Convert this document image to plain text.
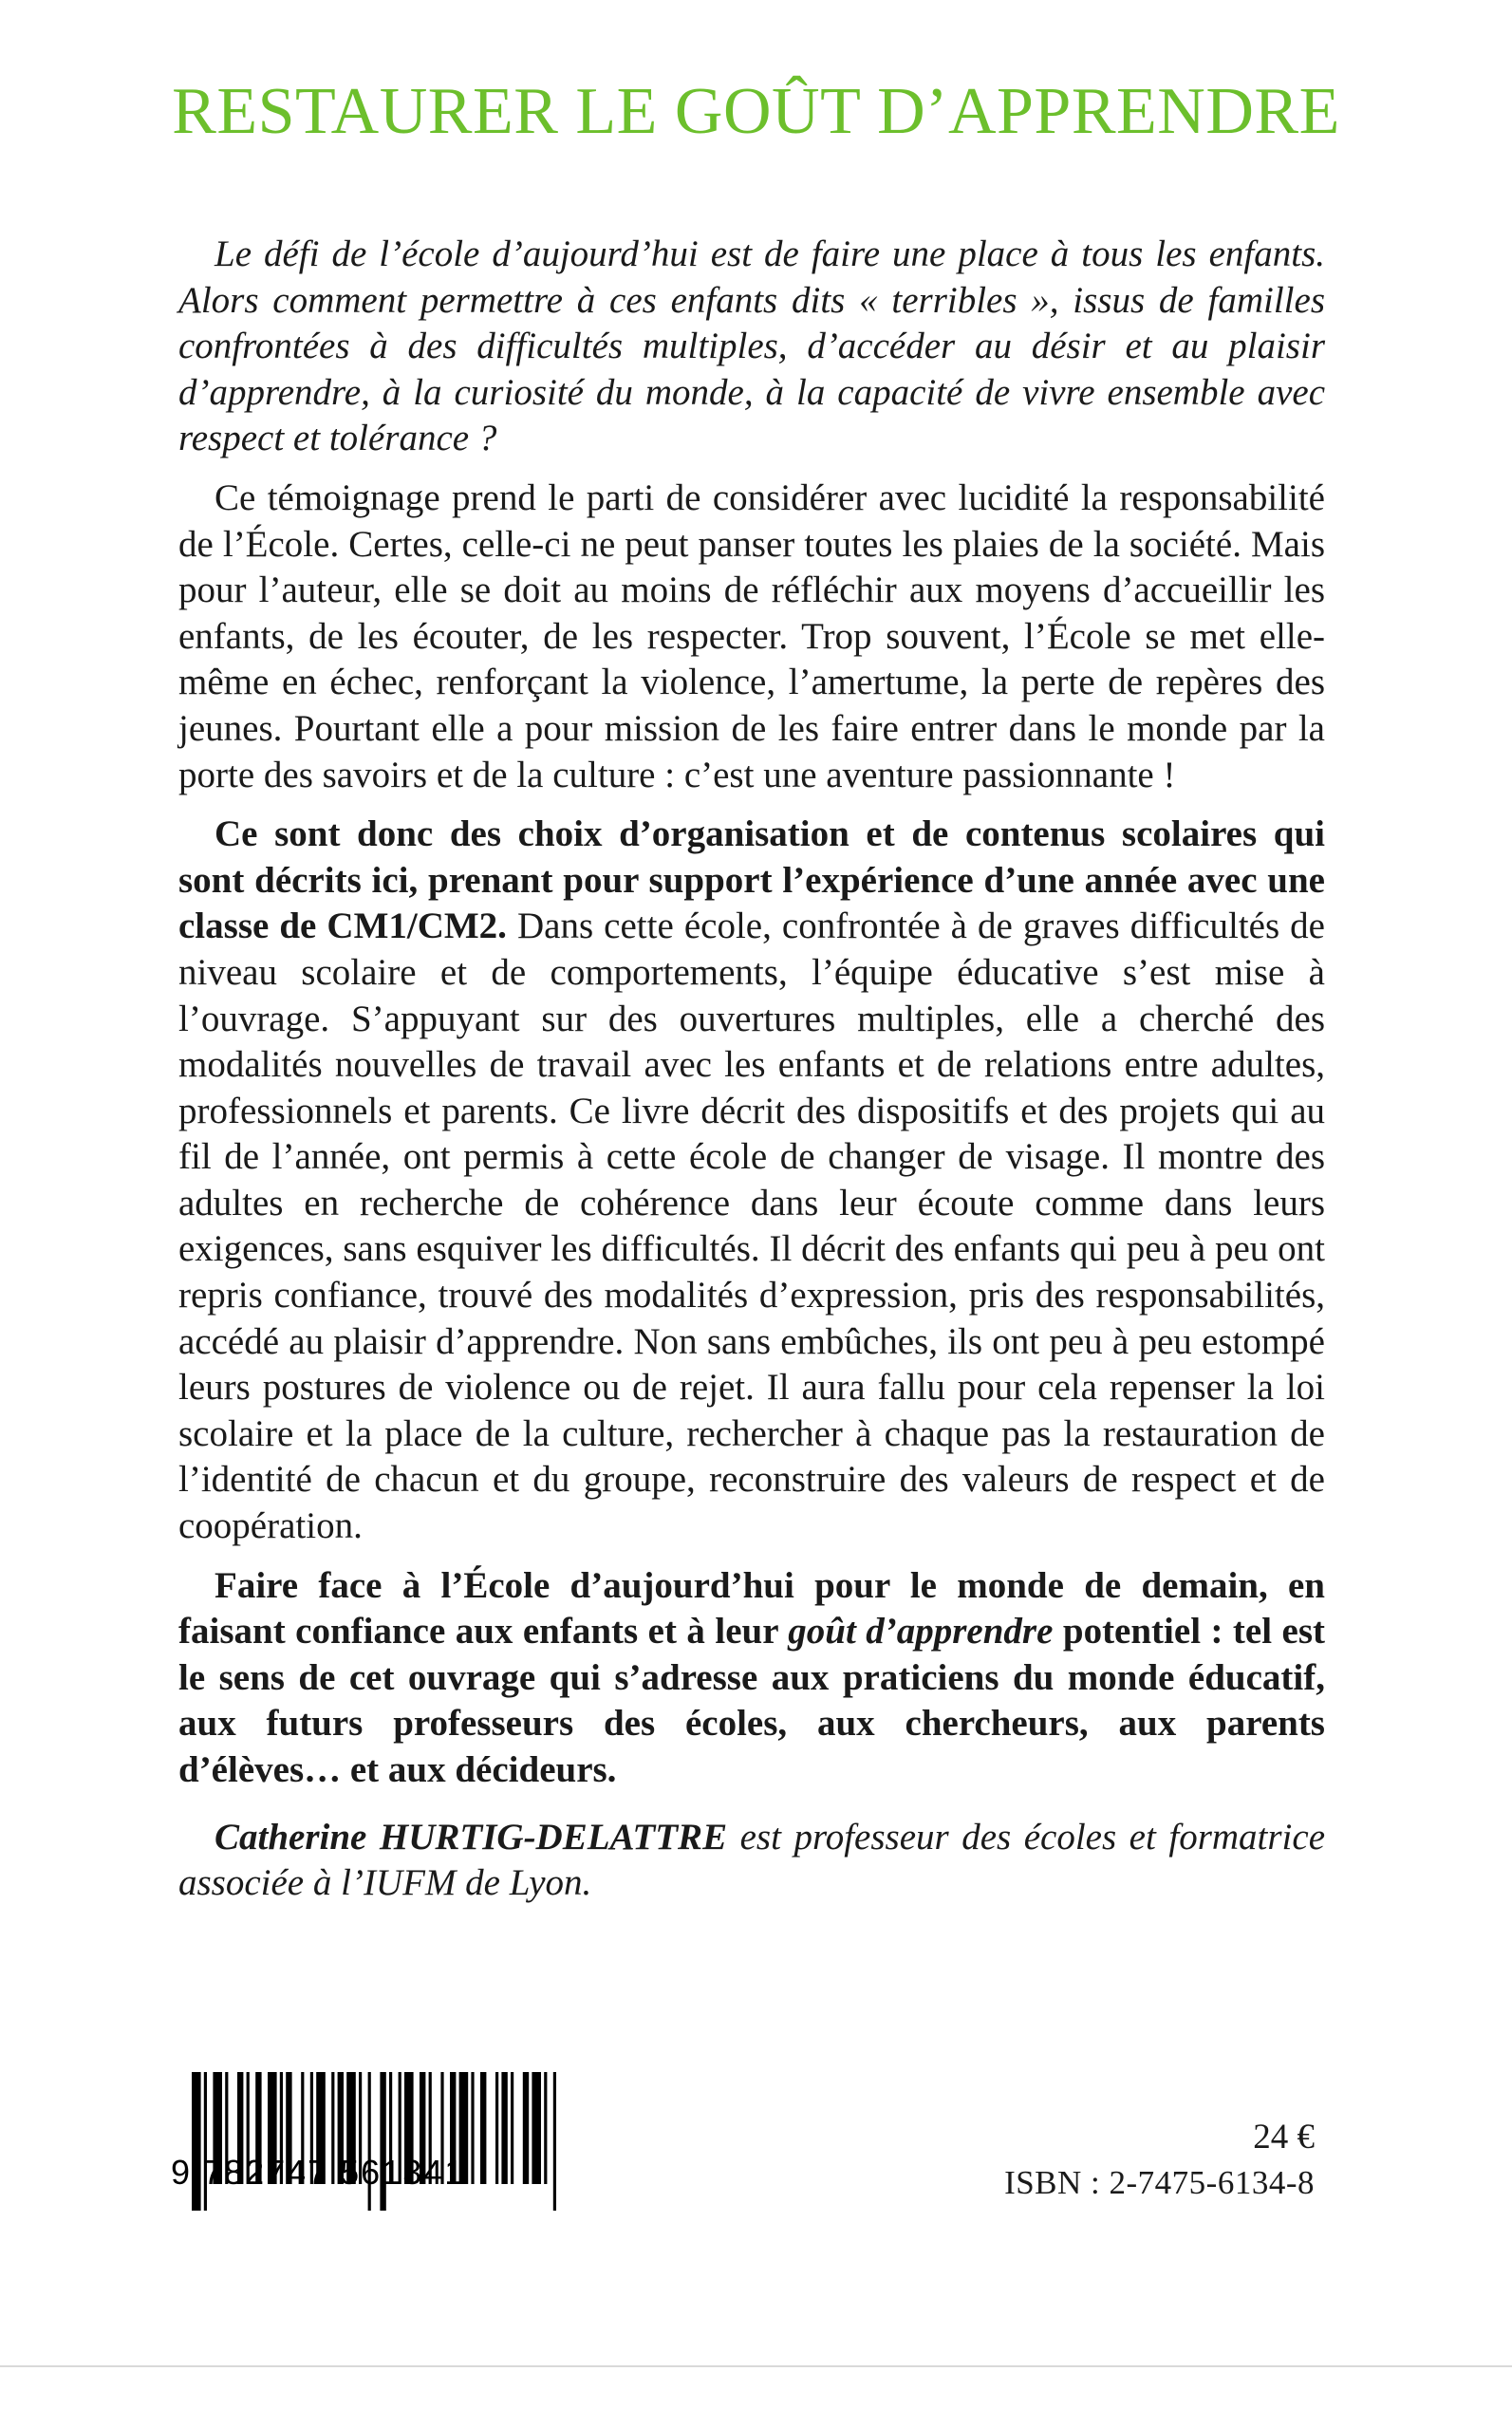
RESTAURER LE GOÛT D’APPRENDRE

Le défi de l’école d’aujourd’hui est de faire une place à tous les enfants. Alors comment permettre à ces enfants dits « terribles », issus de familles confrontées à des difficultés multiples, d’accéder au désir et au plaisir d’apprendre, à la curiosité du monde, à la capacité de vivre ensemble avec respect et tolérance ?

Ce témoignage prend le parti de considérer avec lucidité la responsabilité de l’École. Certes, celle-ci ne peut panser toutes les plaies de la société. Mais pour l’auteur, elle se doit au moins de réfléchir aux moyens d’accueillir les enfants, de les écouter, de les respecter. Trop souvent, l’École se met elle-même en échec, renforçant la violence, l’amertume, la perte de repères des jeunes. Pourtant elle a pour mission de les faire entrer dans le monde par la porte des savoirs et de la culture : c’est une aventure passionnante !

Ce sont donc des choix d’organisation et de contenus scolaires qui sont décrits ici, prenant pour support l’expérience d’une année avec une classe de CM1/CM2. Dans cette école, confrontée à de graves difficultés de niveau scolaire et de comportements, l’équipe éducative s’est mise à l’ouvrage. S’appuyant sur des ouvertures multiples, elle a cherché des modalités nouvelles de travail avec les enfants et de relations entre adultes, professionnels et parents. Ce livre décrit des dispositifs et des projets qui au fil de l’année, ont permis à cette école de changer de visage. Il montre des adultes en recherche de cohérence dans leur écoute comme dans leurs exigences, sans esquiver les difficultés. Il décrit des enfants qui peu à peu ont repris confiance, trouvé des modalités d’expression, pris des responsabilités, accédé au plaisir d’apprendre. Non sans embûches, ils ont peu à peu estompé leurs postures de violence ou de rejet. Il aura fallu pour cela repenser la loi scolaire et la place de la culture, rechercher à chaque pas la restauration de l’identité de chacun et du groupe, reconstruire des valeurs de respect et de coopération.

Faire face à l’École d’aujourd’hui pour le monde de demain, en faisant confiance aux enfants et à leur goût d’apprendre potentiel : tel est le sens de cet ouvrage qui s’adresse aux praticiens du monde éducatif, aux futurs professeurs des écoles, aux chercheurs, aux parents d’élèves… et aux décideurs.

Catherine HURTIG-DELATTRE est professeur des écoles et formatrice associée à l’IUFM de Lyon.

9 782747 561341
24 €
ISBN : 2-7475-6134-8
